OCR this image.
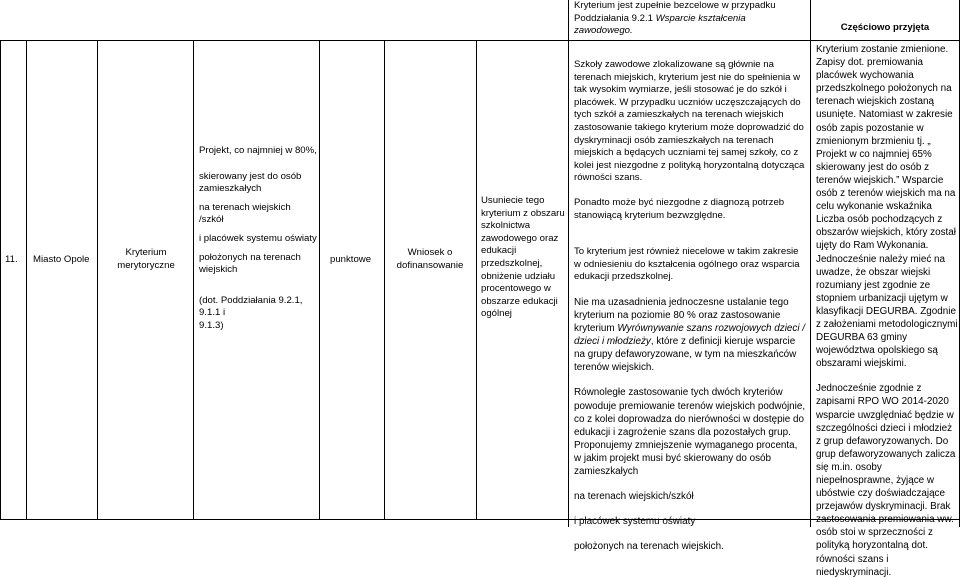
Kryterium jest zupełnie bezcelowe w przypadku

Poddziałania 9.2.1 Wsparcie kształcenia zawodowego.	Częściowo przyjęta
11. Miasto Opole

Kryterium

merytoryczne

Projekt, co najmniej w 80%,

skierowany jest do osób

zamieszkałych

na terenach wiejskich /szkół

i placówek systemu oświaty

położonych na terenach

wiejskich

(dot. Poddziałania 9.2.1, 9.1.1 i

9.1.3)

punktowe

Wniosek o

dofinansowanie

Usuniecie tego

kryterium z obszaru

szkolnictwa

zawodowego oraz

edukacji

przedszkolnej,

obniżenie udziału

procentowego w

obszarze edukacji

ogólnej

Szkoły zawodowe zlokalizowane są głównie na terenach miejskich, kryterium jest nie do spełnienia w tak wysokim wymiarze, jeśli stosować je do szkół i placówek. W przypadku uczniów uczęszczających do tych szkół a zamieszkałych na terenach wiejskich zastosowanie takiego kryterium może doprowadzić do dyskryminacji osób zamieszkałych na terenach miejskich a będących uczniami tej samej szkoły, co z kolei jest niezgodne z polityką horyzontalną dotycząca równości szans.

Ponadto może być niezgodne z diagnozą potrzeb stanowiącą kryterium bezwzględne.

To kryterium jest również niecelowe w takim zakresie w odniesieniu do kształcenia ogólnego oraz wsparcia edukacji przedszkolnej.

Nie ma uzasadnienia jednoczesne ustalanie tego kryterium na poziomie 80 % oraz zastosowanie kryterium Wyrównywanie szans rozwojowych dzieci / dzieci i młodzieży, które z definicji kieruje wsparcie na grupy defaworyzowane, w tym na mieszkańców terenów wiejskich.

Równoległe zastosowanie tych dwóch kryteriów powoduje premiowanie terenów wiejskich podwójnie, co z kolei doprowadza do nierówności w dostępie do edukacji i zagrożenie szans dla pozostałych grup. Proponujemy zmniejszenie wymaganego procenta, w jakim projekt musi być skierowany do osób zamieszkałych

na terenach wiejskich/szkół

i placówek systemu oświaty

położonych na terenach wiejskich.

Kryterium zostanie zmienione. Zapisy dot. premiowania placówek wychowania przedszkolnego położonych na terenach wiejskich zostaną usunięte. Natomiast w zakresie osób zapis pozostanie w zmienionym brzmieniu tj. „ Projekt w co najmniej 65% skierowany jest do osób z terenów wiejskich.” Wsparcie osób z terenów wiejskich ma na celu wykonanie wskaźnika Liczba osób pochodzących z obszarów wiejskich, który został ujęty do Ram Wykonania. Jednocześnie należy mieć na uwadze, że obszar wiejski rozumiany jest zgodnie ze stopniem urbanizacji ujętym w klasyfikacji DEGURBA. Zgodnie z założeniami metodologicznymi DEGURBA 63 gminy województwa opolskiego są obszarami wiejskimi.

Jednocześnie zgodnie z zapisami RPO WO 2014-2020 wsparcie uwzględniać będzie w szczególności dzieci i młodzież z grup defaworyzowanych. Do grup defaworyzowanych zalicza się m.in. osoby niepełnosprawne, żyjące w ubóstwie czy doświadczające przejawów dyskryminacji. Brak zastosowania premiowania ww. osób stoi w sprzeczności z polityką horyzontalną dot. równości szans i niedyskryminacji.
